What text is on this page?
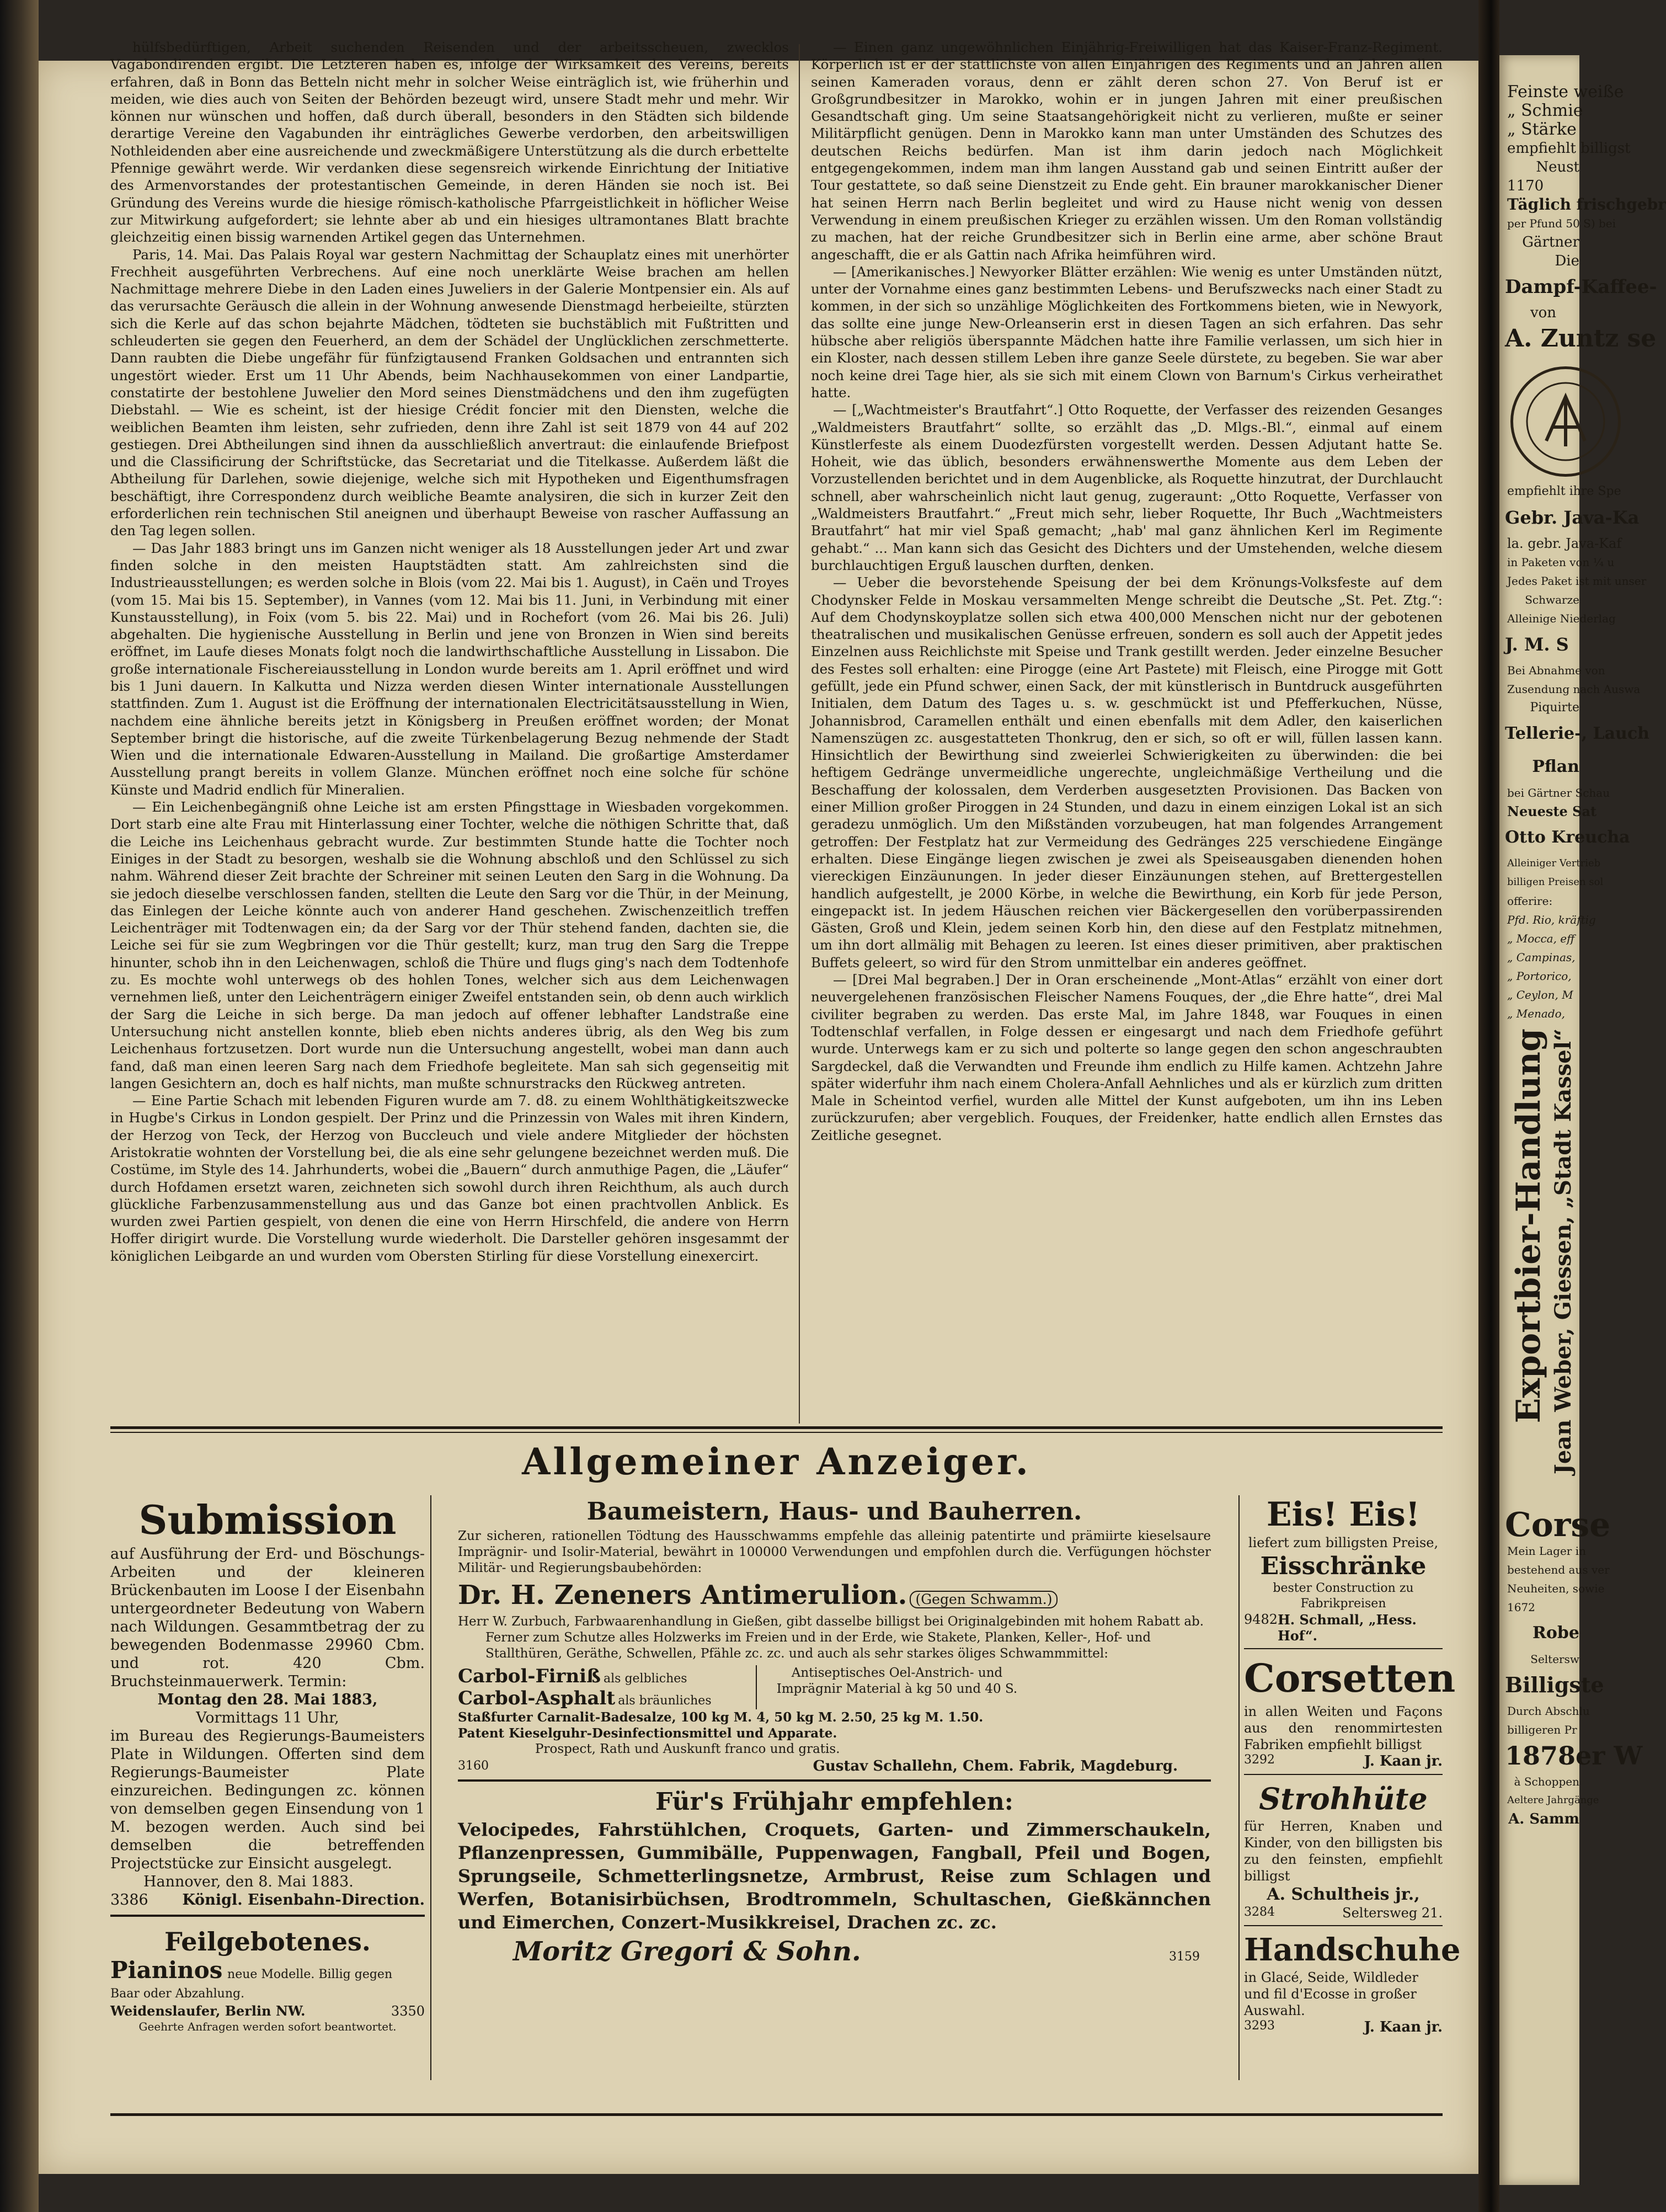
hülfsbedürftigen, Arbeit suchenden Reisenden und der arbeitsscheuen, zwecklos Vagabondirenden ergibt. Die Letzteren haben es, infolge der Wirksamkeit des Vereins, bereits erfahren, daß in Bonn das Betteln nicht mehr in solcher Weise einträglich ist, wie früherhin und meiden, wie dies auch von Seiten der Behörden bezeugt wird, unsere Stadt mehr und mehr. Wir können nur wünschen und hoffen, daß durch überall, besonders in den Städten sich bildende derartige Vereine den Vagabunden ihr einträgliches Gewerbe verdorben, den arbeitswilligen Nothleidenden aber eine ausreichende und zweckmäßigere Unterstützung als die durch erbettelte Pfennige gewährt werde. Wir verdanken diese segensreich wirkende Einrichtung der Initiative des Armenvorstandes der protestantischen Gemeinde, in deren Händen sie noch ist. Bei Gründung des Vereins wurde die hiesige römisch-katholische Pfarrgeistlichkeit in höflicher Weise zur Mitwirkung aufgefordert; sie lehnte aber ab und ein hiesiges ultramontanes Blatt brachte gleichzeitig einen bissig warnenden Artikel gegen das Unternehmen.

Paris, 14. Mai. Das Palais Royal war gestern Nachmittag der Schauplatz eines mit unerhörter Frechheit ausgeführten Verbrechens. Auf eine noch unerklärte Weise brachen am hellen Nachmittage mehrere Diebe in den Laden eines Juweliers in der Galerie Montpensier ein. Als auf das verursachte Geräusch die allein in der Wohnung anwesende Dienstmagd herbeieilte, stürzten sich die Kerle auf das schon bejahrte Mädchen, tödteten sie buchstäblich mit Fußtritten und schleuderten sie gegen den Feuerherd, an dem der Schädel der Unglücklichen zerschmetterte. Dann raubten die Diebe ungefähr für fünfzigtausend Franken Goldsachen und entrannten sich ungestört wieder. Erst um 11 Uhr Abends, beim Nachhausekommen von einer Landpartie, constatirte der bestohlene Juwelier den Mord seines Dienstmädchens und den ihm zugefügten Diebstahl. — Wie es scheint, ist der hiesige Crédit foncier mit den Diensten, welche die weiblichen Beamten ihm leisten, sehr zufrieden, denn ihre Zahl ist seit 1879 von 44 auf 202 gestiegen. Drei Abtheilungen sind ihnen da ausschließlich anvertraut: die einlaufende Briefpost und die Classificirung der Schriftstücke, das Secretariat und die Titelkasse. Außerdem läßt die Abtheilung für Darlehen, sowie diejenige, welche sich mit Hypotheken und Eigenthumsfragen beschäftigt, ihre Correspondenz durch weibliche Beamte analysiren, die sich in kurzer Zeit den erforderlichen rein technischen Stil aneignen und überhaupt Beweise von rascher Auffassung an den Tag legen sollen.

— Das Jahr 1883 bringt uns im Ganzen nicht weniger als 18 Ausstellungen jeder Art und zwar finden solche in den meisten Hauptstädten statt. Am zahlreichsten sind die Industrieausstellungen; es werden solche in Blois (vom 22. Mai bis 1. August), in Caën und Troyes (vom 15. Mai bis 15. September), in Vannes (vom 12. Mai bis 11. Juni, in Verbindung mit einer Kunstausstellung), in Foix (vom 5. bis 22. Mai) und in Rochefort (vom 26. Mai bis 26. Juli) abgehalten. Die hygienische Ausstellung in Berlin und jene von Bronzen in Wien sind bereits eröffnet, im Laufe dieses Monats folgt noch die landwirthschaftliche Ausstellung in Lissabon. Die große internationale Fischereiausstellung in London wurde bereits am 1. April eröffnet und wird bis 1 Juni dauern. In Kalkutta und Nizza werden diesen Winter internationale Ausstellungen stattfinden. Zum 1. August ist die Eröffnung der internationalen Electricitätsausstellung in Wien, nachdem eine ähnliche bereits jetzt in Königsberg in Preußen eröffnet worden; der Monat September bringt die historische, auf die zweite Türkenbelagerung Bezug nehmende der Stadt Wien und die internationale Edwaren-Ausstellung in Mailand. Die großartige Amsterdamer Ausstellung prangt bereits in vollem Glanze. München eröffnet noch eine solche für schöne Künste und Madrid endlich für Mineralien.

— Ein Leichenbegängniß ohne Leiche ist am ersten Pfingsttage in Wiesbaden vorgekommen. Dort starb eine alte Frau mit Hinterlassung einer Tochter, welche die nöthigen Schritte that, daß die Leiche ins Leichenhaus gebracht wurde. Zur bestimmten Stunde hatte die Tochter noch Einiges in der Stadt zu besorgen, weshalb sie die Wohnung abschloß und den Schlüssel zu sich nahm. Während dieser Zeit brachte der Schreiner mit seinen Leuten den Sarg in die Wohnung. Da sie jedoch dieselbe verschlossen fanden, stellten die Leute den Sarg vor die Thür, in der Meinung, das Einlegen der Leiche könnte auch von anderer Hand geschehen. Zwischenzeitlich treffen Leichenträger mit Todtenwagen ein; da der Sarg vor der Thür stehend fanden, dachten sie, die Leiche sei für sie zum Wegbringen vor die Thür gestellt; kurz, man trug den Sarg die Treppe hinunter, schob ihn in den Leichenwagen, schloß die Thüre und flugs ging's nach dem Todtenhofe zu. Es mochte wohl unterwegs ob des hohlen Tones, welcher sich aus dem Leichenwagen vernehmen ließ, unter den Leichenträgern einiger Zweifel entstanden sein, ob denn auch wirklich der Sarg die Leiche in sich berge. Da man jedoch auf offener lebhafter Landstraße eine Untersuchung nicht anstellen konnte, blieb eben nichts anderes übrig, als den Weg bis zum Leichenhaus fortzusetzen. Dort wurde nun die Untersuchung angestellt, wobei man dann auch fand, daß man einen leeren Sarg nach dem Friedhofe begleitete. Man sah sich gegenseitig mit langen Gesichtern an, doch es half nichts, man mußte schnurstracks den Rückweg antreten.

— Eine Partie Schach mit lebenden Figuren wurde am 7. d8. zu einem Wohlthätigkeitszwecke in Hugbe's Cirkus in London gespielt. Der Prinz und die Prinzessin von Wales mit ihren Kindern, der Herzog von Teck, der Herzog von Buccleuch und viele andere Mitglieder der höchsten Aristokratie wohnten der Vorstellung bei, die als eine sehr gelungene bezeichnet werden muß. Die Costüme, im Style des 14. Jahrhunderts, wobei die „Bauern“ durch anmuthige Pagen, die „Läufer“ durch Hofdamen ersetzt waren, zeichneten sich sowohl durch ihren Reichthum, als auch durch glückliche Farbenzusammenstellung aus und das Ganze bot einen prachtvollen Anblick. Es wurden zwei Partien gespielt, von denen die eine von Herrn Hirschfeld, die andere von Herrn Hoffer dirigirt wurde. Die Vorstellung wurde wiederholt. Die Darsteller gehören insgesammt der königlichen Leibgarde an und wurden vom Obersten Stirling für diese Vorstellung einexercirt.

— Einen ganz ungewöhnlichen Einjährig-Freiwilligen hat das Kaiser-Franz-Regiment. Körperlich ist er der stattlichste von allen Einjährigen des Regiments und an Jahren allen seinen Kameraden voraus, denn er zählt deren schon 27. Von Beruf ist er Großgrundbesitzer in Marokko, wohin er in jungen Jahren mit einer preußischen Gesandtschaft ging. Um seine Staatsangehörigkeit nicht zu verlieren, mußte er seiner Militärpflicht genügen. Denn in Marokko kann man unter Umständen des Schutzes des deutschen Reichs bedürfen. Man ist ihm darin jedoch nach Möglichkeit entgegengekommen, indem man ihm langen Ausstand gab und seinen Eintritt außer der Tour gestattete, so daß seine Dienstzeit zu Ende geht. Ein brauner marokkanischer Diener hat seinen Herrn nach Berlin begleitet und wird zu Hause nicht wenig von dessen Verwendung in einem preußischen Krieger zu erzählen wissen. Um den Roman vollständig zu machen, hat der reiche Grundbesitzer sich in Berlin eine arme, aber schöne Braut angeschafft, die er als Gattin nach Afrika heimführen wird.

— [Amerikanisches.] Newyorker Blätter erzählen: Wie wenig es unter Umständen nützt, unter der Vornahme eines ganz bestimmten Lebens- und Berufszwecks nach einer Stadt zu kommen, in der sich so unzählige Möglichkeiten des Fortkommens bieten, wie in Newyork, das sollte eine junge New-Orleanserin erst in diesen Tagen an sich erfahren. Das sehr hübsche aber religiös überspannte Mädchen hatte ihre Familie verlassen, um sich hier in ein Kloster, nach dessen stillem Leben ihre ganze Seele dürstete, zu begeben. Sie war aber noch keine drei Tage hier, als sie sich mit einem Clown von Barnum's Cirkus verheirathet hatte.

— [„Wachtmeister's Brautfahrt“.] Otto Roquette, der Verfasser des reizenden Gesanges „Waldmeisters Brautfahrt“ sollte, so erzählt das „D. Mlgs.-Bl.“, einmal auf einem Künstlerfeste als einem Duodezfürsten vorgestellt werden. Dessen Adjutant hatte Se. Hoheit, wie das üblich, besonders erwähnenswerthe Momente aus dem Leben der Vorzustellenden berichtet und in dem Augenblicke, als Roquette hinzutrat, der Durchlaucht schnell, aber wahrscheinlich nicht laut genug, zugeraunt: „Otto Roquette, Verfasser von „Waldmeisters Brautfahrt.“ „Freut mich sehr, lieber Roquette, Ihr Buch „Wachtmeisters Brautfahrt“ hat mir viel Spaß gemacht; „hab' mal ganz ähnlichen Kerl im Regimente gehabt.“ ... Man kann sich das Gesicht des Dichters und der Umstehenden, welche diesem burchlauchtigen Erguß lauschen durften, denken.

— Ueber die bevorstehende Speisung der bei dem Krönungs-Volksfeste auf dem Chodynsker Felde in Moskau versammelten Menge schreibt die Deutsche „St. Pet. Ztg.“: Auf dem Chodynskoyplatze sollen sich etwa 400,000 Menschen nicht nur der gebotenen theatralischen und musikalischen Genüsse erfreuen, sondern es soll auch der Appetit jedes Einzelnen auss Reichlichste mit Speise und Trank gestillt werden. Jeder einzelne Besucher des Festes soll erhalten: eine Pirogge (eine Art Pastete) mit Fleisch, eine Pirogge mit Gott gefüllt, jede ein Pfund schwer, einen Sack, der mit künstlerisch in Buntdruck ausgeführten Initialen, dem Datum des Tages u. s. w. geschmückt ist und Pfefferkuchen, Nüsse, Johannisbrod, Caramellen enthält und einen ebenfalls mit dem Adler, den kaiserlichen Namenszügen zc. ausgestatteten Thonkrug, den er sich, so oft er will, füllen lassen kann. Hinsichtlich der Bewirthung sind zweierlei Schwierigkeiten zu überwinden: die bei heftigem Gedränge unvermeidliche ungerechte, ungleichmäßige Vertheilung und die Beschaffung der kolossalen, dem Verderben ausgesetzten Provisionen. Das Backen von einer Million großer Piroggen in 24 Stunden, und dazu in einem einzigen Lokal ist an sich geradezu unmöglich. Um den Mißständen vorzubeugen, hat man folgendes Arrangement getroffen: Der Festplatz hat zur Vermeidung des Gedränges 225 verschiedene Eingänge erhalten. Diese Eingänge liegen zwischen je zwei als Speiseausgaben dienenden hohen viereckigen Einzäunungen. In jeder dieser Einzäunungen stehen, auf Brettergestellen handlich aufgestellt, je 2000 Körbe, in welche die Bewirthung, ein Korb für jede Person, eingepackt ist. In jedem Häuschen reichen vier Bäckergesellen den vorüberpassirenden Gästen, Groß und Klein, jedem seinen Korb hin, den diese auf den Festplatz mitnehmen, um ihn dort allmälig mit Behagen zu leeren. Ist eines dieser primitiven, aber praktischen Buffets geleert, so wird für den Strom unmittelbar ein anderes geöffnet.

— [Drei Mal begraben.] Der in Oran erscheinende „Mont-Atlas“ erzählt von einer dort neuvergelehenen französischen Fleischer Namens Fouques, der „die Ehre hatte“, drei Mal civiliter begraben zu werden. Das erste Mal, im Jahre 1848, war Fouques in einen Todtenschlaf verfallen, in Folge dessen er eingesargt und nach dem Friedhofe geführt wurde. Unterwegs kam er zu sich und polterte so lange gegen den schon angeschraubten Sargdeckel, daß die Verwandten und Freunde ihm endlich zu Hilfe kamen. Achtzehn Jahre später widerfuhr ihm nach einem Cholera-Anfall Aehnliches und als er kürzlich zum dritten Male in Scheintod verfiel, wurden alle Mittel der Kunst aufgeboten, um ihn ins Leben zurückzurufen; aber vergeblich. Fouques, der Freidenker, hatte endlich allen Ernstes das Zeitliche gesegnet.

Allgemeiner Anzeiger.
Submission
auf Ausführung der Erd- und Böschungs-Arbeiten und der kleineren Brückenbauten im Loose I der Eisenbahn untergeordneter Bedeutung von Wabern nach Wildungen. Gesammtbetrag der zu bewegenden Bodenmasse 29960 Cbm. und rot. 420 Cbm. Bruchsteinmauerwerk. Termin:
Montag den 28. Mai 1883,
Vormittags 11 Uhr,
im Bureau des Regierungs-Baumeisters Plate in Wildungen. Offerten sind dem Regierungs-Baumeister Plate einzureichen. Bedingungen zc. können von demselben gegen Einsendung von 1 M. bezogen werden. Auch sind bei demselben die betreffenden Projectstücke zur Einsicht ausgelegt.
Hannover, den 8. Mai 1883.
3386 Königl. Eisenbahn-Direction.
Feilgebotenes.
Pianinos neue Modelle. Billig gegen Baar oder Abzahlung.
Weidenslaufer, Berlin NW.	3350
Geehrte Anfragen werden sofort beantwortet.
Baumeistern, Haus- und Bauherren.
Zur sicheren, rationellen Tödtung des Hausschwamms empfehle das alleinig patentirte und prämiirte kieselsaure Imprägnir- und Isolir-Material, bewährt in 100000 Verwendungen und empfohlen durch die. Verfügungen höchster Militär- und Regierungsbaubehörden:
Dr. H. Zeneners Antimerulion. (Gegen Schwamm.)
Herr W. Zurbuch, Farbwaarenhandlung in Gießen, gibt dasselbe billigst bei Originalgebinden mit hohem Rabatt ab.
Ferner zum Schutze alles Holzwerks im Freien und in der Erde, wie Stakete, Planken, Keller-, Hof- und Stallthüren, Geräthe, Schwellen, Pfähle zc. zc. und auch als sehr starkes öliges Schwammmittel:
Carbol-Firniß als gelbliches
Carbol-Asphalt als bräunliches
Antiseptisches Oel-Anstrich- und Imprägnir Material à kg 50 und 40 S.
Staßfurter Carnalit-Badesalze, 100 kg M. 4, 50 kg M. 2.50, 25 kg M. 1.50.
Patent Kieselguhr-Desinfectionsmittel und Apparate.
Prospect, Rath und Auskunft franco und gratis.
3160	Gustav Schallehn, Chem. Fabrik, Magdeburg.
Für's Frühjahr empfehlen:
Velocipedes, Fahrstühlchen, Croquets, Garten- und Zimmerschaukeln, Pflanzenpressen, Gummibälle, Puppenwagen, Fangball, Pfeil und Bogen, Sprungseile, Schmetterlingsnetze, Armbrust, Reise zum Schlagen und Werfen, Botanisirbüchsen, Brodtrommeln, Schultaschen, Gießkännchen und Eimerchen, Conzert-Musikkreisel, Drachen zc. zc.
Moritz Gregori & Sohn.	3159
Eis! Eis!
liefert zum billigsten Preise,
Eisschränke
bester Construction zu Fabrikpreisen
9482 H. Schmall, „Hess. Hof“.
Corsetten
in allen Weiten und Façons aus den renommirtesten Fabriken empfiehlt billigst
3292	J. Kaan jr.
Strohhüte
für Herren, Knaben und Kinder, von den billigsten bis zu den feinsten, empfiehlt billigst
A. Schultheis jr.,
3284	Seltersweg 21.
Handschuhe
in Glacé, Seide, Wildleder und fil d'Ecosse in großer Auswahl.
3293	J. Kaan jr.
Feinste weiße
„ Schmie
„ Stärke
empfiehlt billigst
Neust
1170
Täglich frischgebr
per Pfund 50 S) bei
Gärtner
Die
Dampf-Kaffee-
von
A. Zuntz se
empfiehlt ihre Spe
Gebr. Java-Ka
la. gebr. Java-Kaf
in Paketen von ¼ u
Jedes Paket ist mit unser
Schwarze
Alleinige Niederlag
J. M. S
Bei Abnahme von
Zusendung nach Auswa
Piquirte
Tellerie-, Lauch
Pflan
bei Gärtner Schau
Neueste Sat
Otto Kreucha
Alleiniger Vertrieb
billigen Preisen sol
offerire:
Pfd. Rio, kräftig
„ Mocca, eff
„ Campinas,
„ Portorico,
„ Ceylon, M
„ Menado,
Exportbier-Handlung Jean Weber, Giessen, „Stadt Kassel“
Corse
Mein Lager in
bestehend aus ver
Neuheiten, sowie
1672
Robe
Seltersw
Billigste
Durch Abschlu
billigeren Pr
1878er W
à Schoppen
Aeltere Jahrgänge
A. Samm
